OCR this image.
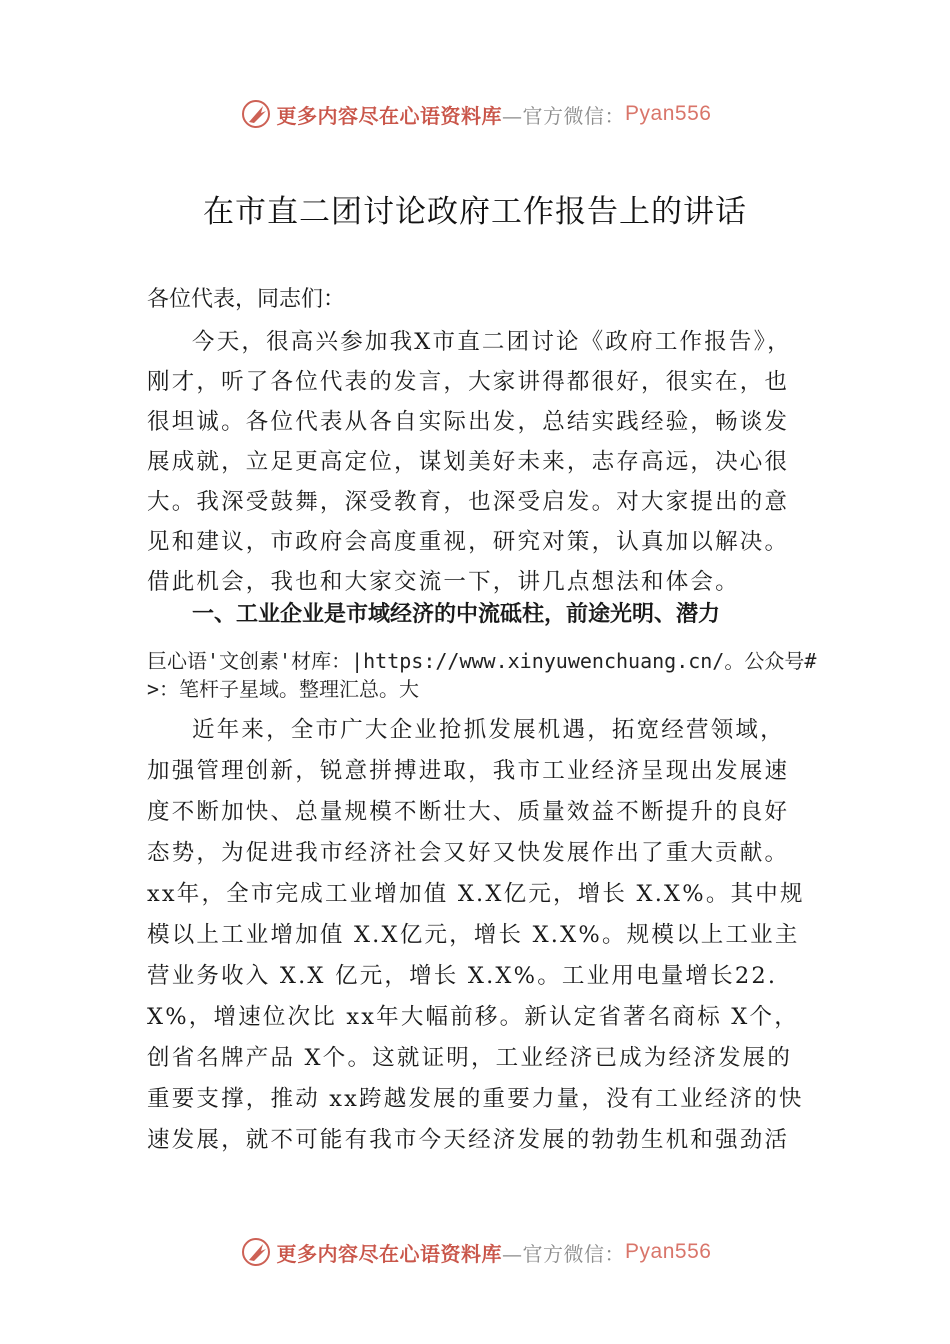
更多内容尽在心语资料库 —官方微信： Pyan556
在市直二团讨论政府工作报告上的讲话
各位代表，同志们：

今天，很高兴参加我X市直二团讨论《政府工作报告》，刚才，听了各位代表的发言，大家讲得都很好，很实在，也很坦诚。各位代表从各自实际出发，总结实践经验，畅谈发展成就，立足更高定位，谋划美好未来，志存高远，决心很大。我深受鼓舞，深受教育，也深受启发。对大家提出的意见和建议，市政府会高度重视，研究对策，认真加以解决。 借此机会，我也和大家交流一下，讲几点想法和体会。

一、工业企业是市域经济的中流砥柱，前途光明、潜力

巨心语'文创素'材库：|https://www.xinyuwenchuang.cn/。公众号#>：笔杆子星域。整理汇总。大

近年来，全市广大企业抢抓发展机遇，拓宽经营领域，加强管理创新，锐意拼搏进取，我市工业经济呈现出发展速度不断加快、总量规模不断壮大、质量效益不断提升的良好态势，为促进我市经济社会又好又快发展作出了重大贡献。 xx年，全市完成工业增加值 X.X亿元，增长 X.X%。其中规模以上工业增加值 X.X亿元，增长 X.X%。规模以上工业主营业务收入 X.X 亿元，增长 X.X%。工业用电量增长22.X%，增速位次比 xx年大幅前移。新认定省著名商标 X个，创省名牌产品 X个。这就证明，工业经济已成为经济发展的重要支撑，推动 xx跨越发展的重要力量，没有工业经济的快速发展，就不可能有我市今天经济发展的勃勃生机和强劲活

更多内容尽在心语资料库 —官方微信： Pyan556
